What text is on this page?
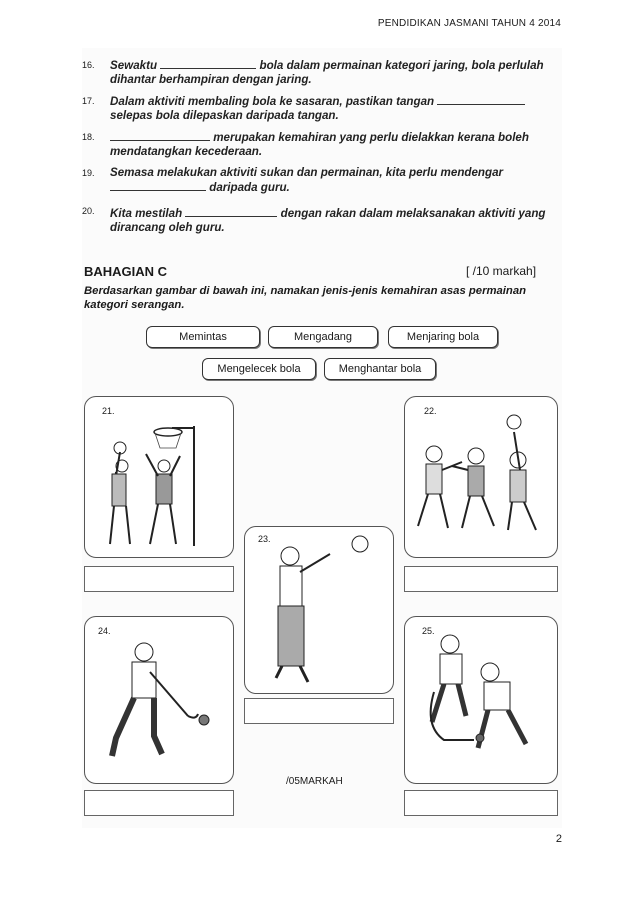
PENDIDIKAN JASMANI TAHUN 4 2014
16. Sewaktu	bola dalam permainan kategori jaring, bola perlulah
dihantar berhampiran dengan jaring.
17. Dalam aktiviti membaling bola ke sasaran, pastikan tangan
selepas bola dilepaskan daripada tangan.
18.	merupakan kemahiran yang perlu dielakkan kerana boleh
mendatangkan kecederaan.
19. Semasa melakukan aktiviti sukan dan permainan, kita perlu mendengar
daripada guru.
20. Kita mestilah	dengan rakan dalam melaksanakan aktiviti yang
dirancang oleh guru.
BAHAGIAN C	[ /10 markah]
Berdasarkan gambar di bawah ini, namakan jenis-jenis kemahiran asas permainan kategori serangan.
Memintas	Mengadang	Menjaring bola
Mengelecek bola	Menghantar bola
21.	22.
23.
24.	25.
/05MARKAH
2
